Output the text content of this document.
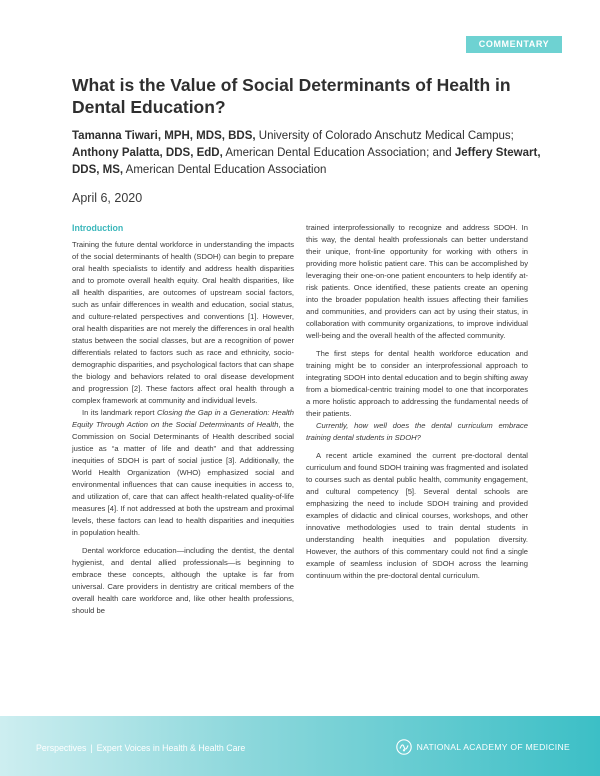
COMMENTARY
What is the Value of Social Determinants of Health in Dental Education?

Tamanna Tiwari, MPH, MDS, BDS, University of Colorado Anschutz Medical Campus; Anthony Palatta, DDS, EdD, American Dental Education Association; and Jeffery Stewart, DDS, MS, American Dental Education Association

April 6, 2020

Introduction

Training the future dental workforce in understanding the impacts of the social determinants of health (SDOH) can begin to prepare oral health specialists to identify and address health disparities and to promote overall health equity. Oral health disparities, like all health disparities, are outcomes of upstream social factors, such as unfair differences in wealth and education, social status, and culture-related perspectives and conventions [1]. However, oral health disparities are not merely the differences in oral health status between the social classes, but are a recognition of power differentials related to factors such as race and ethnicity, socio-demographic disparities, and psychological factors that can shape the biology and behaviors related to oral disease development and progression [2]. These factors affect oral health through a complex framework at community and individual levels.

In its landmark report Closing the Gap in a Generation: Health Equity Through Action on the Social Determinants of Health, the Commission on Social Determinants of Health described social justice as “a matter of life and death” and that addressing inequities of SDOH is part of social justice [3]. Additionally, the World Health Organization (WHO) emphasized social and environmental influences that can cause inequities in access to, and utilization of, care that can affect health-related quality-of-life measures [4]. If not addressed at both the upstream and proximal levels, these factors can lead to health disparities and inequities in population health.

Dental workforce education—including the dentist, the dental hygienist, and dental allied professionals—is beginning to embrace these concepts, although the uptake is far from universal. Care providers in dentistry are critical members of the overall health care workforce and, like other health professions, should be

trained interprofessionally to recognize and address SDOH. In this way, the dental health professionals can better understand their unique, front-line opportunity for working with others in providing more holistic patient care. This can be accomplished by leveraging their one-on-one patient encounters to help identify at-risk patients. Once identified, these patients create an opening into the broader population health issues affecting their families and communities, and providers can act by using their status, in collaboration with community organizations, to improve individual well-being and the overall health of the affected community.

The first steps for dental health workforce education and training might be to consider an interprofessional approach to integrating SDOH into dental education and to begin shifting away from a biomedical-centric training model to one that incorporates a more holistic approach to addressing the fundamental needs of their patients.

Currently, how well does the dental curriculum embrace training dental students in SDOH?

A recent article examined the current pre-doctoral dental curriculum and found SDOH training was fragmented and isolated to courses such as dental public health, community engagement, and cultural competency [5]. Several dental schools are emphasizing the need to include SDOH training and provided examples of didactic and clinical courses, workshops, and other innovative methodologies used to train dental students in understanding health inequities and population diversity. However, the authors of this commentary could not find a single example of seamless inclusion of SDOH across the learning continuum within the pre-doctoral dental curriculum.

Perspectives | Expert Voices in Health & Health Care	NATIONAL ACADEMY OF MEDICINE
